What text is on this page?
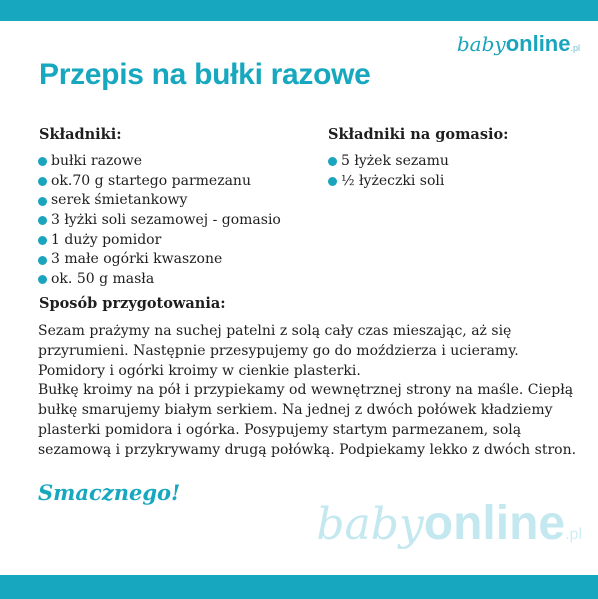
babyonline.pl
Przepis na bułki razowe
Składniki:
bułki razowe
ok.70 g startego parmezanu
serek śmietankowy
3 łyżki soli sezamowej - gomasio
1 duży pomidor
3 małe ogórki kwaszone
ok. 50 g masła
Składniki na gomasio:
5 łyżek sezamu
½ łyżeczki soli
Sposób przygotowania:

Sezam prażymy na suchej patelni z solą cały czas mieszając, aż się

przyrumieni. Następnie przesypujemy go do moździerza i ucieramy.

Pomidory i ogórki kroimy w cienkie plasterki.

Bułkę kroimy na pół i przypiekamy od wewnętrznej strony na maśle. Ciepłą

bułkę smarujemy białym serkiem. Na jednej z dwóch połówek kładziemy

plasterki pomidora i ogórka. Posypujemy startym parmezanem, solą

sezamową i przykrywamy drugą połówką. Podpiekamy lekko z dwóch stron.

Smacznego!

babyonline.pl
